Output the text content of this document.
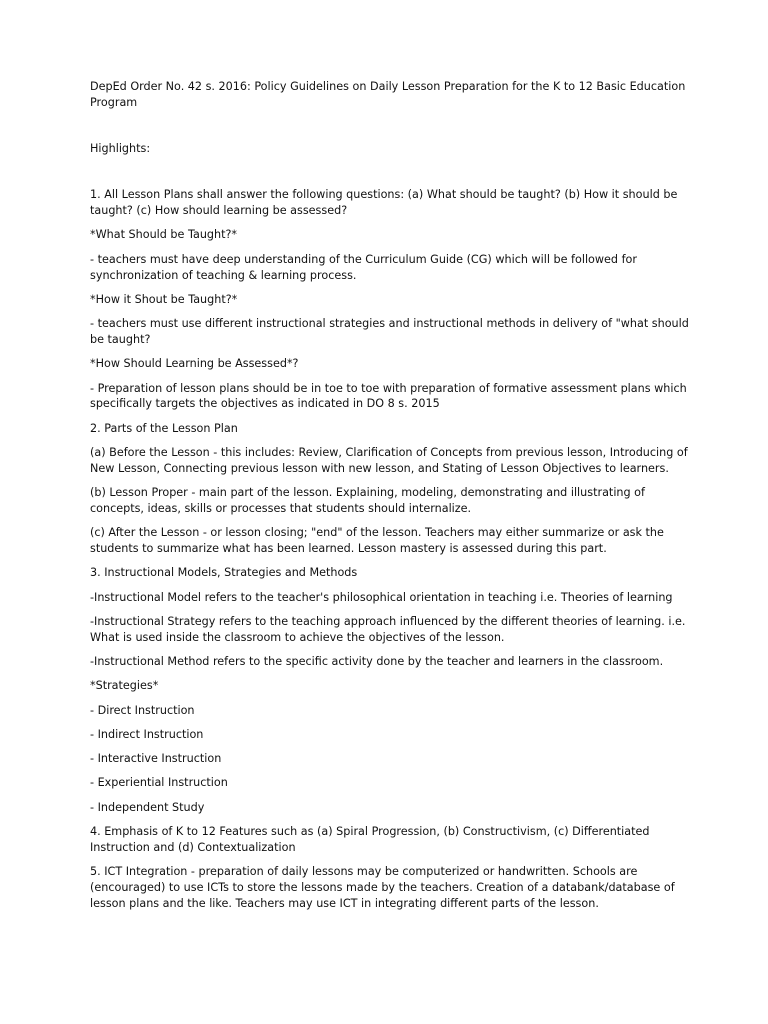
DepEd Order No. 42 s. 2016: Policy Guidelines on Daily Lesson Preparation for the K to 12 Basic Education Program

Highlights:

1. All Lesson Plans shall answer the following questions: (a) What should be taught? (b) How it should be taught? (c) How should learning be assessed?

*What Should be Taught?*

- teachers must have deep understanding of the Curriculum Guide (CG) which will be followed for synchronization of teaching & learning process.

*How it Shout be Taught?*

- teachers must use different instructional strategies and instructional methods in delivery of "what should be taught?

*How Should Learning be Assessed*?

- Preparation of lesson plans should be in toe to toe with preparation of formative assessment plans which specifically targets the objectives as indicated in DO 8 s. 2015

2. Parts of the Lesson Plan

(a) Before the Lesson - this includes: Review, Clarification of Concepts from previous lesson, Introducing of New Lesson, Connecting previous lesson with new lesson, and Stating of Lesson Objectives to learners.

(b) Lesson Proper - main part of the lesson. Explaining, modeling, demonstrating and illustrating of concepts, ideas, skills or processes that students should internalize.

(c) After the Lesson - or lesson closing; "end" of the lesson. Teachers may either summarize or ask the students to summarize what has been learned. Lesson mastery is assessed during this part.

3. Instructional Models, Strategies and Methods

-Instructional Model refers to the teacher's philosophical orientation in teaching i.e. Theories of learning

-Instructional Strategy refers to the teaching approach influenced by the different theories of learning. i.e. What is used inside the classroom to achieve the objectives of the lesson.

-Instructional Method refers to the specific activity done by the teacher and learners in the classroom.

*Strategies*

- Direct Instruction

- Indirect Instruction

- Interactive Instruction

- Experiential Instruction

- Independent Study

4. Emphasis of K to 12 Features such as (a) Spiral Progression, (b) Constructivism, (c) Differentiated Instruction and (d) Contextualization

5. ICT Integration - preparation of daily lessons may be computerized or handwritten. Schools are (encouraged) to use ICTs to store the lessons made by the teachers. Creation of a databank/database of lesson plans and the like. Teachers may use ICT in integrating different parts of the lesson.
